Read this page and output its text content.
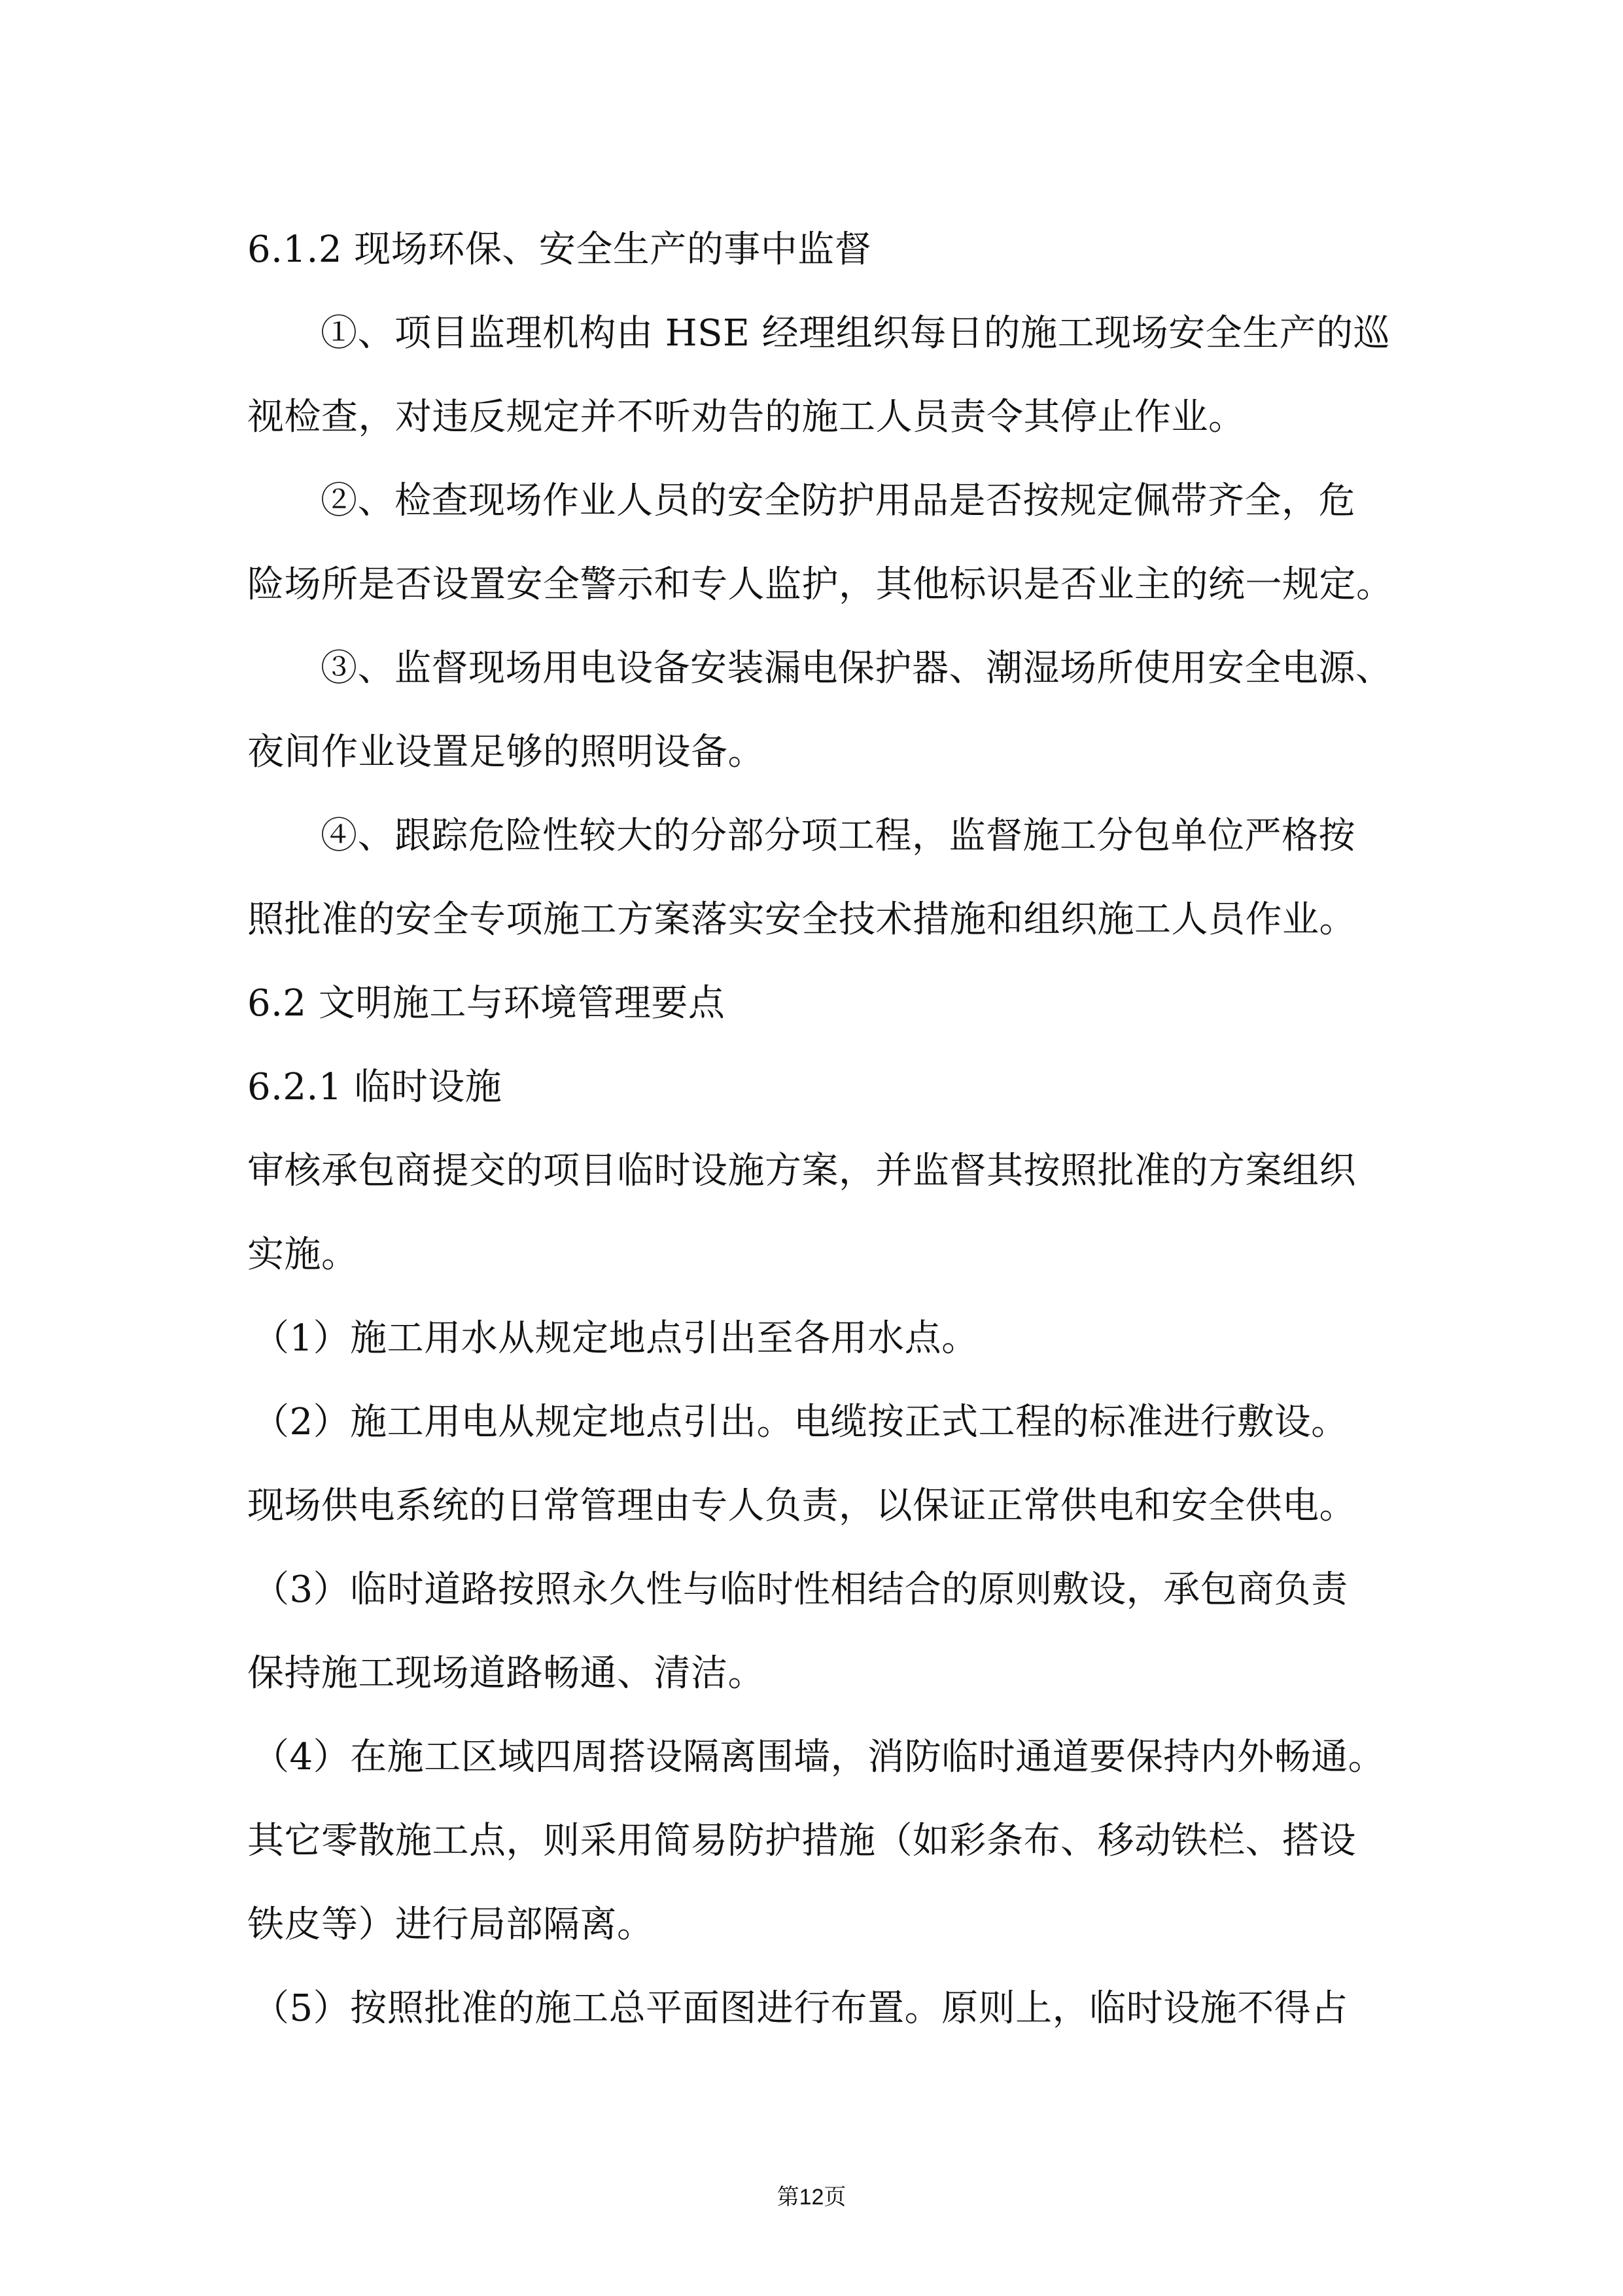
6.1.2 现场环保、安全生产的事中监督
①、项目监理机构由 HSE 经理组织每日的施工现场安全生产的巡
视检查，对违反规定并不听劝告的施工人员责令其停止作业。
②、检查现场作业人员的安全防护用品是否按规定佩带齐全，危
险场所是否设置安全警示和专人监护，其他标识是否业主的统一规定。
③、监督现场用电设备安装漏电保护器、潮湿场所使用安全电源、
夜间作业设置足够的照明设备。
④、跟踪危险性较大的分部分项工程，监督施工分包单位严格按
照批准的安全专项施工方案落实安全技术措施和组织施工人员作业。
6.2 文明施工与环境管理要点
6.2.1 临时设施
审核承包商提交的项目临时设施方案，并监督其按照批准的方案组织
实施。
（1）施工用水从规定地点引出至各用水点。
（2）施工用电从规定地点引出。电缆按正式工程的标准进行敷设。
现场供电系统的日常管理由专人负责，以保证正常供电和安全供电。
（3）临时道路按照永久性与临时性相结合的原则敷设，承包商负责
保持施工现场道路畅通、清洁。
（4）在施工区域四周搭设隔离围墙，消防临时通道要保持内外畅通。
其它零散施工点，则采用简易防护措施（如彩条布、移动铁栏、搭设
铁皮等）进行局部隔离。
（5）按照批准的施工总平面图进行布置。原则上，临时设施不得占
第12页
